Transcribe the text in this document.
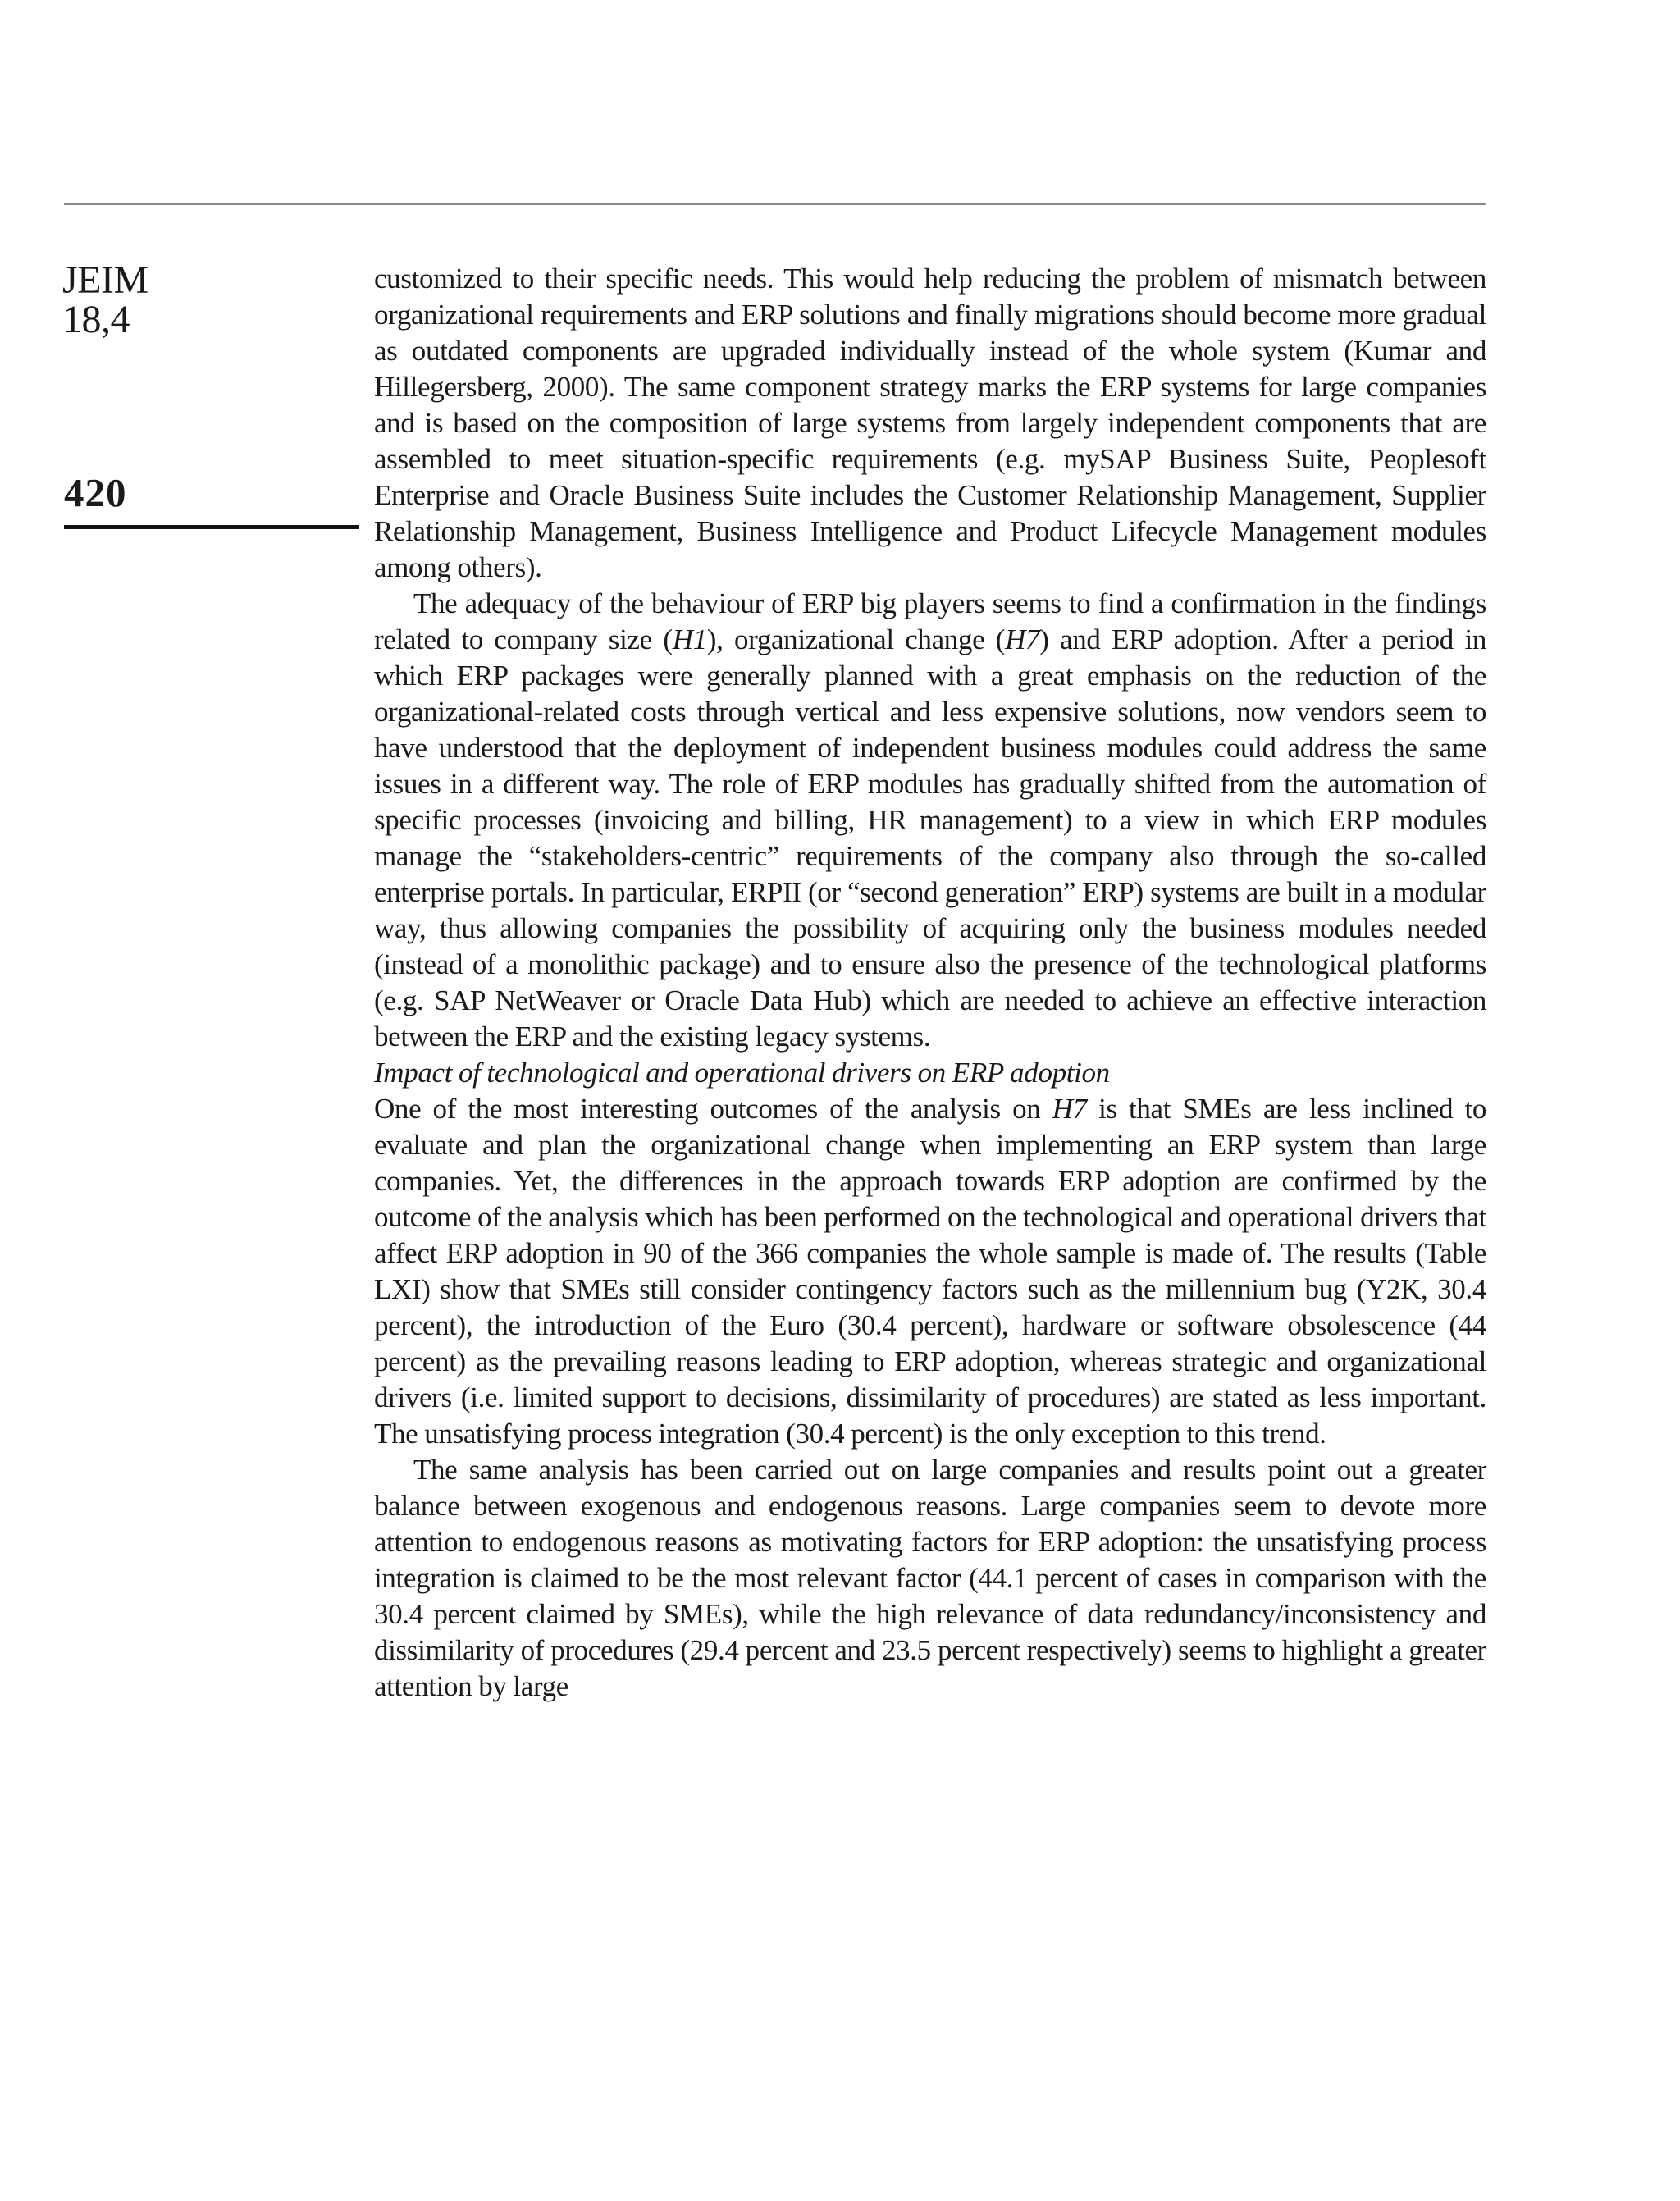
JEIM
18,4
420

customized to their specific needs. This would help reducing the problem of mismatch between organizational requirements and ERP solutions and finally migrations should become more gradual as outdated components are upgraded individually instead of the whole system (Kumar and Hillegersberg, 2000). The same component strategy marks the ERP systems for large companies and is based on the composition of large systems from largely independent components that are assembled to meet situation-specific requirements (e.g. mySAP Business Suite, Peoplesoft Enterprise and Oracle Business Suite includes the Customer Relationship Management, Supplier Relationship Management, Business Intelligence and Product Lifecycle Management modules among others).

The adequacy of the behaviour of ERP big players seems to find a confirmation in the findings related to company size (H1), organizational change (H7) and ERP adoption. After a period in which ERP packages were generally planned with a great emphasis on the reduction of the organizational-related costs through vertical and less expensive solutions, now vendors seem to have understood that the deployment of independent business modules could address the same issues in a different way. The role of ERP modules has gradually shifted from the automation of specific processes (invoicing and billing, HR management) to a view in which ERP modules manage the “stakeholders-centric” requirements of the company also through the so-called enterprise portals. In particular, ERPII (or “second generation” ERP) systems are built in a modular way, thus allowing companies the possibility of acquiring only the business modules needed (instead of a monolithic package) and to ensure also the presence of the technological platforms (e.g. SAP NetWeaver or Oracle Data Hub) which are needed to achieve an effective interaction between the ERP and the existing legacy systems.

Impact of technological and operational drivers on ERP adoption

One of the most interesting outcomes of the analysis on H7 is that SMEs are less inclined to evaluate and plan the organizational change when implementing an ERP system than large companies. Yet, the differences in the approach towards ERP adoption are confirmed by the outcome of the analysis which has been performed on the technological and operational drivers that affect ERP adoption in 90 of the 366 companies the whole sample is made of. The results (Table LXI) show that SMEs still consider contingency factors such as the millennium bug (Y2K, 30.4 percent), the introduction of the Euro (30.4 percent), hardware or software obsolescence (44 percent) as the prevailing reasons leading to ERP adoption, whereas strategic and organizational drivers (i.e. limited support to decisions, dissimilarity of procedures) are stated as less important. The unsatisfying process integration (30.4 percent) is the only exception to this trend.

The same analysis has been carried out on large companies and results point out a greater balance between exogenous and endogenous reasons. Large companies seem to devote more attention to endogenous reasons as motivating factors for ERP adoption: the unsatisfying process integration is claimed to be the most relevant factor (44.1 percent of cases in comparison with the 30.4 percent claimed by SMEs), while the high relevance of data redundancy/inconsistency and dissimilarity of procedures (29.4 percent and 23.5 percent respectively) seems to highlight a greater attention by large
